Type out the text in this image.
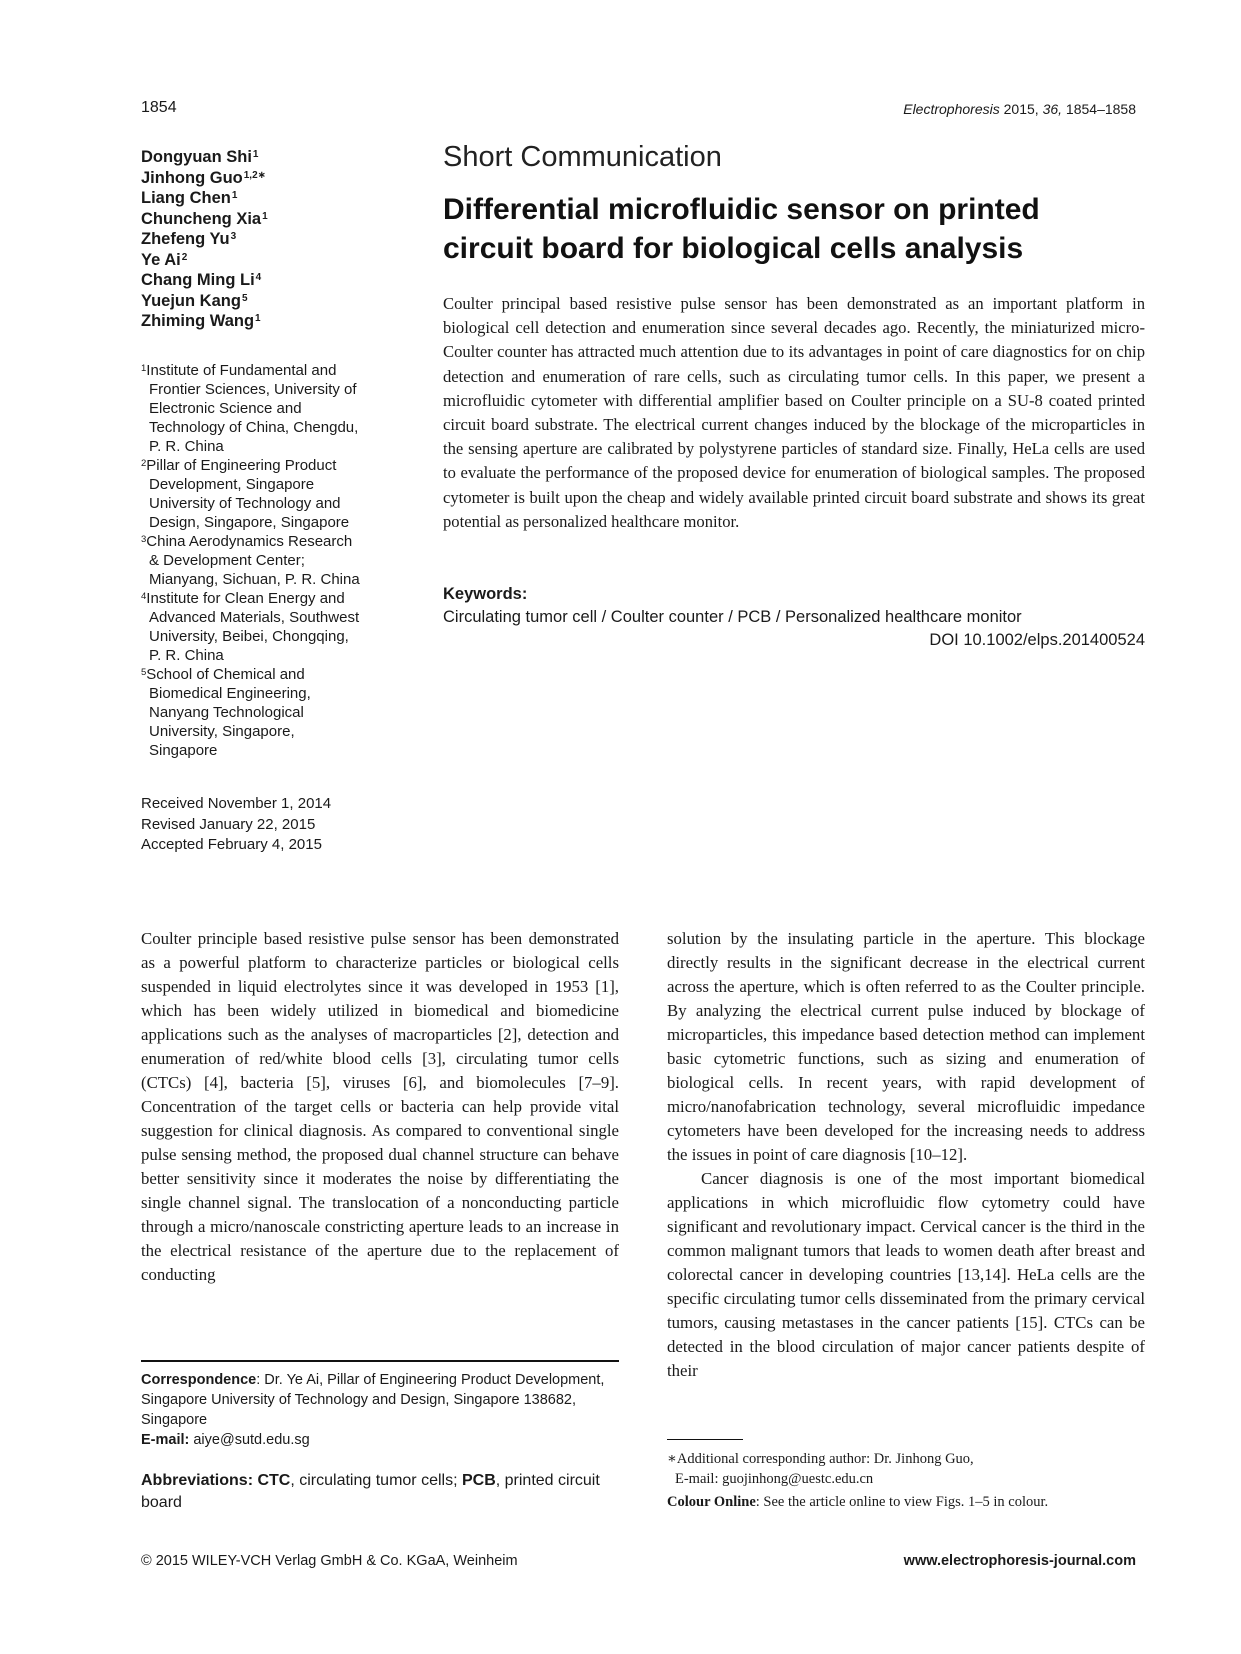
1854	Electrophoresis 2015, 36, 1854–1858
Dongyuan Shi$^1$
Jinhong Guo$^{1,2∗}$
Liang Chen$^1$
Chuncheng Xia$^1$
Zhefeng Yu$^3$
Ye Ai$^2$
Chang Ming Li$^4$
Yuejun Kang$^5$
Zhiming Wang$^1$
$^1$Institute of Fundamental and
Frontier Sciences, University of
Electronic Science and
Technology of China, Chengdu,
P. R. China
$^2$Pillar of Engineering Product
Development, Singapore
University of Technology and
Design, Singapore, Singapore
$^3$China Aerodynamics Research
& Development Center;
Mianyang, Sichuan, P. R. China
$^4$Institute for Clean Energy and
Advanced Materials, Southwest
University, Beibei, Chongqing,
P. R. China
$^5$School of Chemical and
Biomedical Engineering,
Nanyang Technological
University, Singapore,
Singapore
Received November 1, 2014
Revised January 22, 2015
Accepted February 4, 2015
Short Communication
Differential microfluidic sensor on printed
circuit board for biological cells analysis
Coulter principal based resistive pulse sensor has been demonstrated as an important platform in biological cell detection and enumeration since several decades ago. Recently, the miniaturized micro-Coulter counter has attracted much attention due to its advantages in point of care diagnostics for on chip detection and enumeration of rare cells, such as circulating tumor cells. In this paper, we present a microfluidic cytometer with differential amplifier based on Coulter principle on a SU-8 coated printed circuit board substrate. The electrical current changes induced by the blockage of the microparticles in the sensing aperture are calibrated by polystyrene particles of standard size. Finally, HeLa cells are used to evaluate the performance of the proposed device for enumeration of biological samples. The proposed cytometer is built upon the cheap and widely available printed circuit board substrate and shows its great potential as personalized healthcare monitor.
Keywords:
Circulating tumor cell / Coulter counter / PCB / Personalized healthcare monitor
DOI 10.1002/elps.201400524

Coulter principle based resistive pulse sensor has been demonstrated as a powerful platform to characterize particles or biological cells suspended in liquid electrolytes since it was developed in 1953 [1], which has been widely utilized in biomedical and biomedicine applications such as the analyses of macroparticles [2], detection and enumeration of red/white blood cells [3], circulating tumor cells (CTCs) [4], bacteria [5], viruses [6], and biomolecules [7–9]. Concentration of the target cells or bacteria can help provide vital suggestion for clinical diagnosis. As compared to conventional single pulse sensing method, the proposed dual channel structure can behave better sensitivity since it moderates the noise by differentiating the single channel signal. The translocation of a nonconducting particle through a micro/nanoscale constricting aperture leads to an increase in the electrical resistance of the aperture due to the replacement of conducting

solution by the insulating particle in the aperture. This blockage directly results in the significant decrease in the electrical current across the aperture, which is often referred to as the Coulter principle. By analyzing the electrical current pulse induced by blockage of microparticles, this impedance based detection method can implement basic cytometric functions, such as sizing and enumeration of biological cells. In recent years, with rapid development of micro/nanofabrication technology, several microfluidic impedance cytometers have been developed for the increasing needs to address the issues in point of care diagnosis [10–12].

Cancer diagnosis is one of the most important biomedical applications in which microfluidic flow cytometry could have significant and revolutionary impact. Cervical cancer is the third in the common malignant tumors that leads to women death after breast and colorectal cancer in developing countries [13,14]. HeLa cells are the specific circulating tumor cells disseminated from the primary cervical tumors, causing metastases in the cancer patients [15]. CTCs can be detected in the blood circulation of major cancer patients despite of their

Correspondence: Dr. Ye Ai, Pillar of Engineering Product Development, Singapore University of Technology and Design, Singapore 138682, Singapore
E-mail: aiye@sutd.edu.sg
Abbreviations: CTC, circulating tumor cells; PCB, printed circuit board
∗Additional corresponding author: Dr. Jinhong Guo,
E-mail: guojinhong@uestc.edu.cn
Colour Online: See the article online to view Figs. 1–5 in colour.
© 2015 WILEY-VCH Verlag GmbH & Co. KGaA, Weinheim	www.electrophoresis-journal.com
